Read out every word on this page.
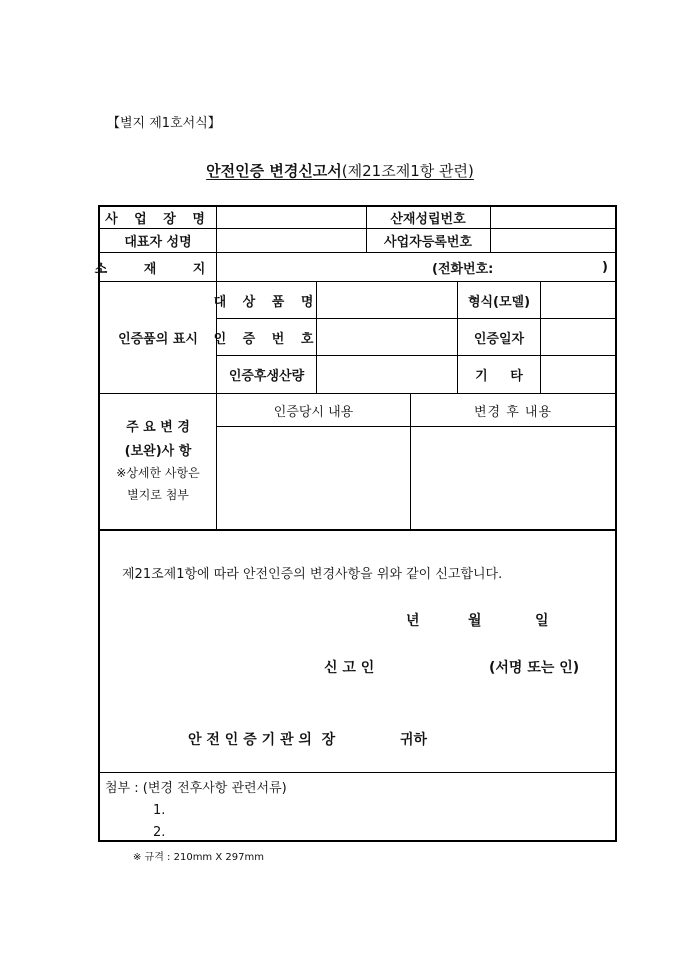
【별지 제1호서식】
안전인증 변경신고서(제21조제1항 관련)
사 업 장 명	산재성립번호
대표자 성명	사업자등록번호
소 재 지	(전화번호:	)
인증품의 표시
대 상 품 명	형식(모델)
인 증 번 호	인증일자
인증후생산량	기     타
주 요 변 경
(보완)사 항
※상세한 사항은
별지로 첨부
인증당시 내용	변경 후 내용
제21조제1항에 따라 안전인증의 변경사항을 위와 같이 신고합니다.
년	월	일
신 고 인	(서명 또는 인)
안 전 인 증 기 관 의  장	귀하
첨부 : (변경 전후사항 관련서류)
1.
2.
※ 규격 : 210mm X 297mm
